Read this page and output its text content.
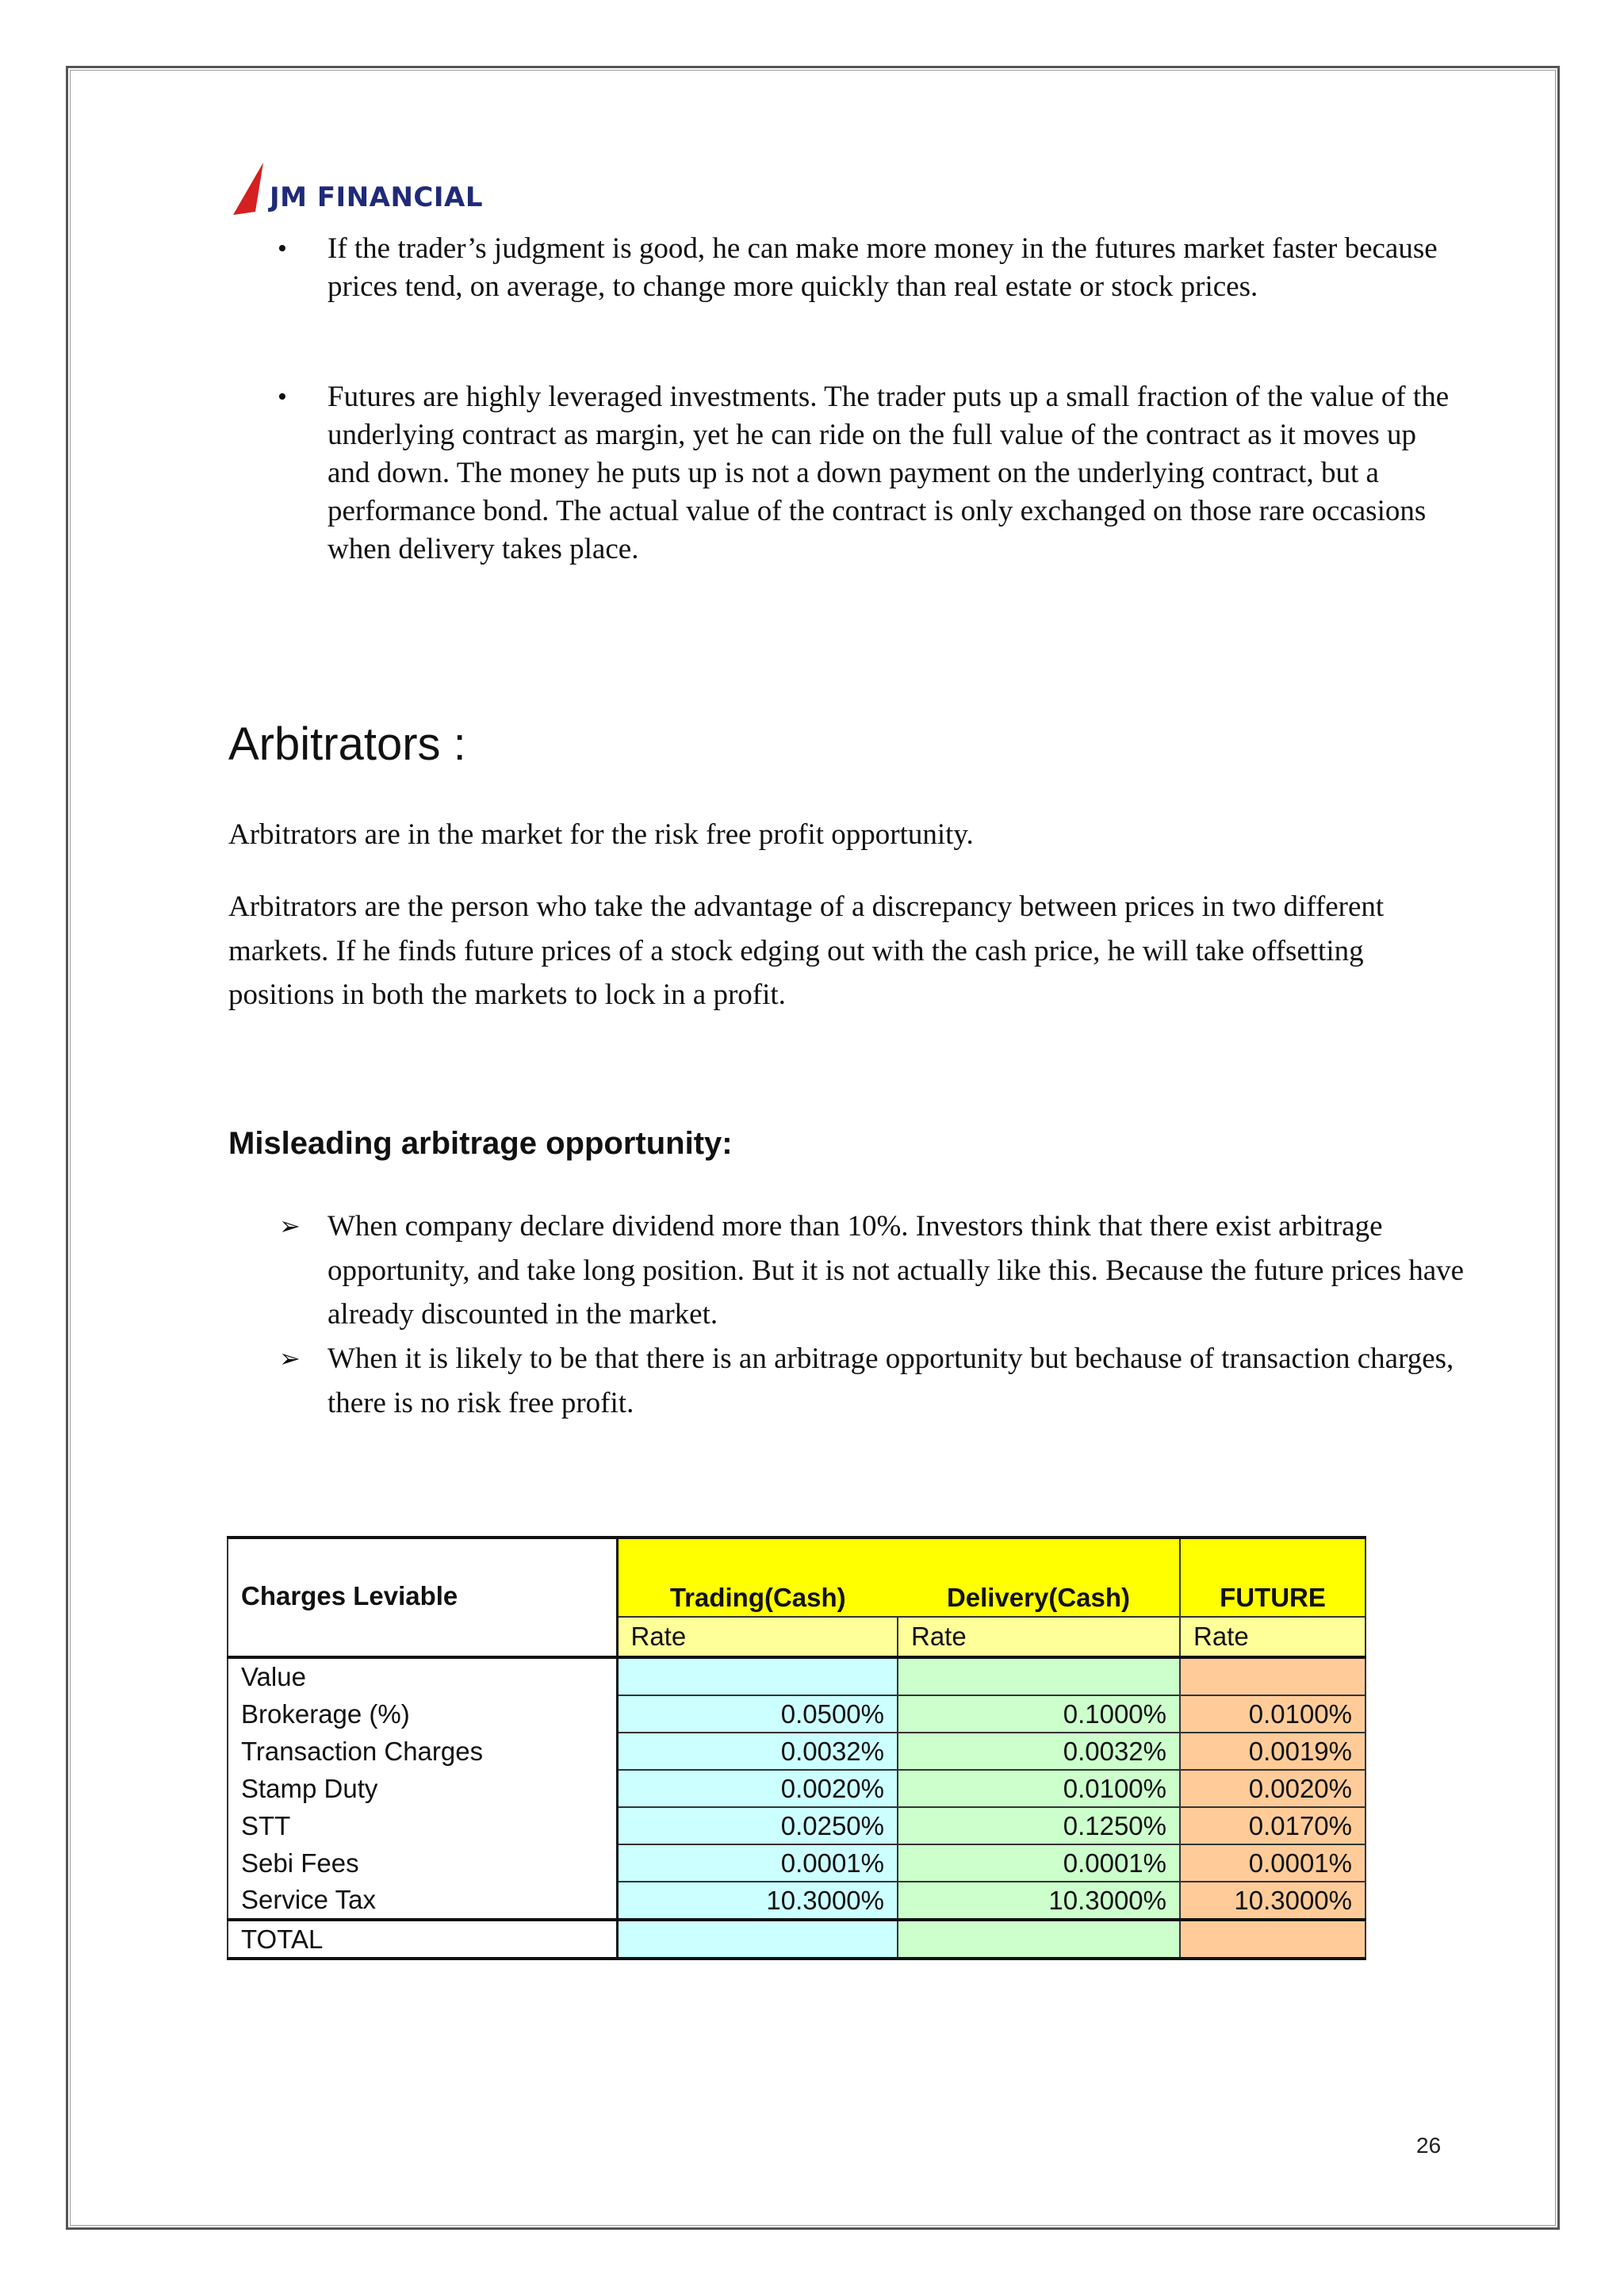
JM FINANCIAL
• If the trader’s judgment is good, he can make more money in the futures market faster because prices tend, on average, to change more quickly than real estate or stock prices.
• Futures are highly leveraged investments. The trader puts up a small fraction of the value of the underlying contract as margin, yet he can ride on the full value of the contract as it moves up and down. The money he puts up is not a down payment on the underlying contract, but a performance bond. The actual value of the contract is only exchanged on those rare occasions when delivery takes place.
Arbitrators :
Arbitrators are in the market for the risk free profit opportunity.
Arbitrators are the person who take the advantage of a discrepancy between prices in two different markets. If he finds future prices of a stock edging out with the cash price, he will take offsetting positions in both the markets to lock in a profit.
Misleading arbitrage opportunity:
➢ When company declare dividend more than 10%. Investors think that there exist arbitrage opportunity, and take long position. But it is not actually like this. Because the future prices have already discounted in the market.
➢ When it is likely to be that there is an arbitrage opportunity but bechause of transaction charges, there is no risk free profit.
Charges Leviable	Trading(Cash)	Delivery(Cash)	FUTURE
	Rate	Rate	Rate
Value			
Brokerage (%)	0.0500%	0.1000%	0.0100%
Transaction Charges	0.0032%	0.0032%	0.0019%
Stamp Duty	0.0020%	0.0100%	0.0020%
STT	0.0250%	0.1250%	0.0170%
Sebi Fees	0.0001%	0.0001%	0.0001%
Service Tax	10.3000%	10.3000%	10.3000%
TOTAL			
26
